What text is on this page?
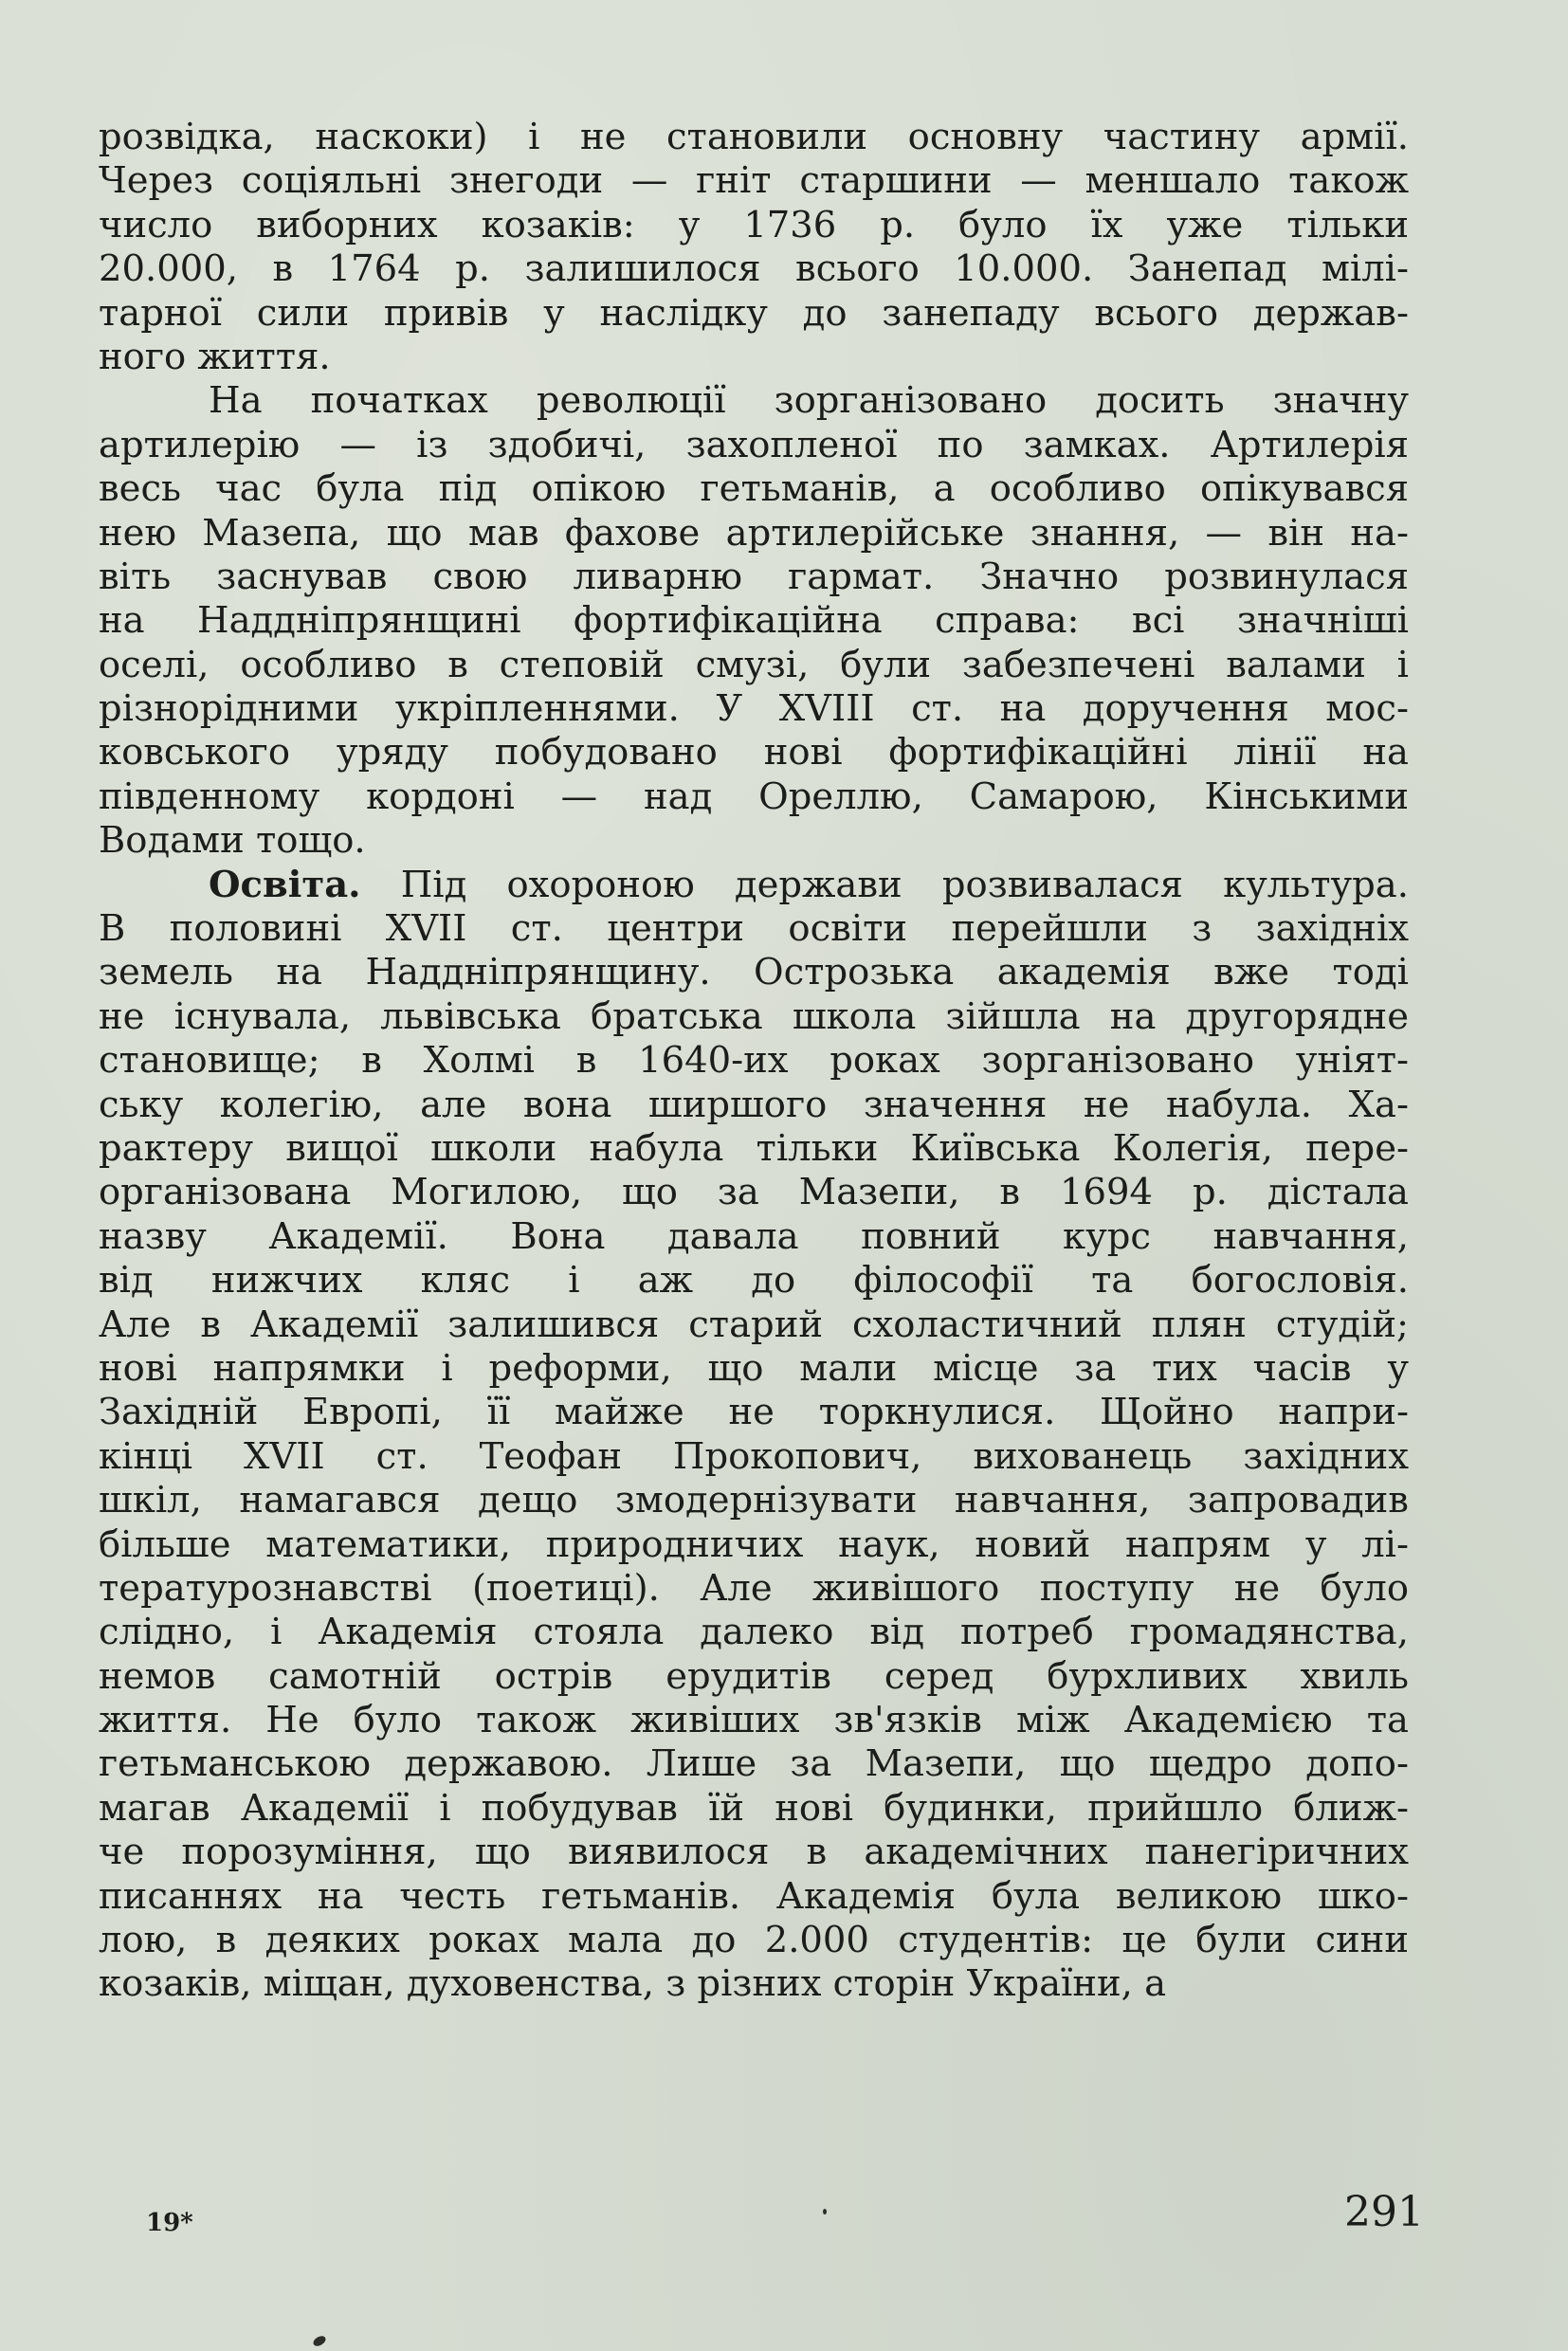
розвідка, наскоки) і не становили основну частину армії.
Через соціяльні знегоди — гніт старшини — меншало також
число виборних козаків: у 1736 р. було їх уже тільки
20.000, в 1764 р. залишилося всього 10.000. Занепад мілі-
тарної сили привів у наслідку до занепаду всього держав-
ного життя.
На початках революції зорганізовано досить значну
артилерію — із здобичі, захопленої по замках. Артилерія
весь час була під опікою гетьманів, а особливо опікувався
нею Мазепа, що мав фахове артилерійське знання, — він на-
віть заснував свою ливарню гармат. Значно розвинулася
на Наддніпрянщині фортифікаційна справа: всі значніші
оселі, особливо в степовій смузі, були забезпечені валами і
різнорідними укріпленнями. У XVIII ст. на доручення мос-
ковського уряду побудовано нові фортифікаційні лінії на
південному кордоні — над Ореллю, Самарою, Кінськими
Водами тощо.
Освіта. Під охороною держави розвивалася культура.
В половині XVII ст. центри освіти перейшли з західніх
земель на Наддніпрянщину. Острозька академія вже тоді
не існувала, львівська братська школа зійшла на другорядне
становище; в Холмі в 1640-их роках зорганізовано уніят-
ську колегію, але вона ширшого значення не набула. Ха-
рактеру вищої школи набула тільки Київська Колегія, пере-
організована Могилою, що за Мазепи, в 1694 р. дістала
назву Академії. Вона давала повний курс навчання,
від нижчих кляс і аж до філософії та богословія.
Але в Академії залишився старий схоластичний плян студій;
нові напрямки і реформи, що мали місце за тих часів у
Західній Европі, її майже не торкнулися. Щойно напри-
кінці XVII ст. Теофан Прокопович, вихованець західних
шкіл, намагався дещо змодернізувати навчання, запровадив
більше математики, природничих наук, новий напрям у лі-
тературознавстві (поетиці). Але живішого поступу не було
слідно, і Академія стояла далеко від потреб громадянства,
немов самотній острів ерудитів серед бурхливих хвиль
життя. Не було також живіших зв'язків між Академією та
гетьманською державою. Лише за Мазепи, що щедро допо-
магав Академії і побудував їй нові будинки, прийшло ближ-
че порозуміння, що виявилося в академічних панегіричних
писаннях на честь гетьманів. Академія була великою шко-
лою, в деяких роках мала до 2.000 студентів: це були сини
козаків, міщан, духовенства, з різних сторін України, а
19*	291
